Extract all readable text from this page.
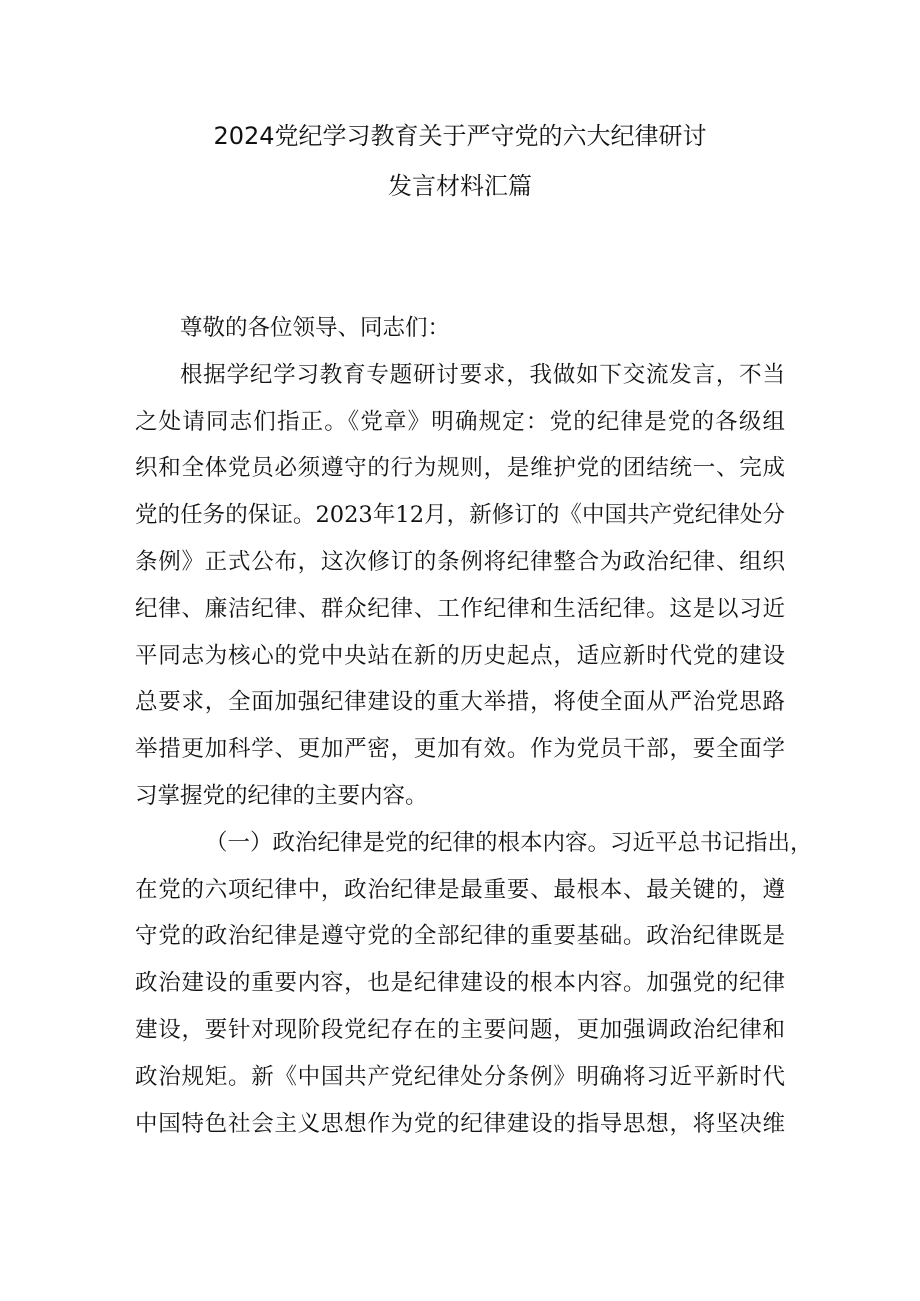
2024党纪学习教育关于严守党的六大纪律研讨
发言材料汇篇
尊敬的各位领导、同志们：
根据学纪学习教育专题研讨要求，我做如下交流发言，不当
之处请同志们指正。《党章》明确规定：党的纪律是党的各级组
织和全体党员必须遵守的行为规则，是维护党的团结统一、完成
党的任务的保证。2023年12月，新修订的《中国共产党纪律处分
条例》正式公布，这次修订的条例将纪律整合为政治纪律、组织
纪律、廉洁纪律、群众纪律、工作纪律和生活纪律。这是以习近
平同志为核心的党中央站在新的历史起点，适应新时代党的建设
总要求，全面加强纪律建设的重大举措，将使全面从严治党思路
举措更加科学、更加严密，更加有效。作为党员干部，要全面学
习掌握党的纪律的主要内容。
（一）政治纪律是党的纪律的根本内容。习近平总书记指出，
在党的六项纪律中，政治纪律是最重要、最根本、最关键的，遵
守党的政治纪律是遵守党的全部纪律的重要基础。政治纪律既是
政治建设的重要内容，也是纪律建设的根本内容。加强党的纪律
建设，要针对现阶段党纪存在的主要问题，更加强调政治纪律和
政治规矩。新《中国共产党纪律处分条例》明确将习近平新时代
中国特色社会主义思想作为党的纪律建设的指导思想，将坚决维
